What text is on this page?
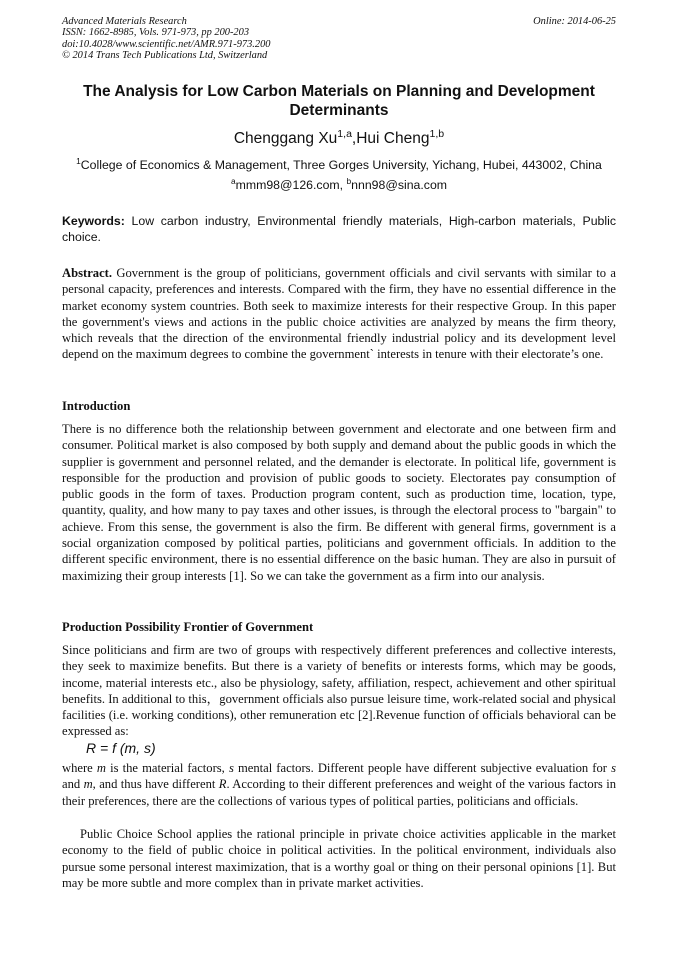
Advanced Materials Research
ISSN: 1662-8985, Vols. 971-973, pp 200-203
doi:10.4028/www.scientific.net/AMR.971-973.200
© 2014 Trans Tech Publications Ltd, Switzerland
Online: 2014-06-25
The Analysis for Low Carbon Materials on Planning and Development Determinants
Chenggang Xu$^{1,a}$,Hui Cheng$^{1,b}$
$^1$College of Economics & Management, Three Gorges University, Yichang, Hubei, 443002, China
$^a$mmm98@126.com, $^b$nnn98@sina.com
Keywords: Low carbon industry, Environmental friendly materials, High-carbon materials, Public choice.
Abstract. Government is the group of politicians, government officials and civil servants with similar to a personal capacity, preferences and interests. Compared with the firm, they have no essential difference in the market economy system countries. Both seek to maximize interests for their respective Group. In this paper the government's views and actions in the public choice activities are analyzed by means the firm theory, which reveals that the direction of the environmental friendly industrial policy and its development level depend on the maximum degrees to combine the government` interests in tenure with their electorate’s one.
Introduction
There is no difference both the relationship between government and electorate and one between firm and consumer. Political market is also composed by both supply and demand about the public goods in which the supplier is government and personnel related, and the demander is electorate. In political life, government is responsible for the production and provision of public goods to society. Electorates pay consumption of public goods in the form of taxes. Production program content, such as production time, location, type, quantity, quality, and how many to pay taxes and other issues, is through the electoral process to "bargain" to achieve. From this sense, the government is also the firm. Be different with general firms, government is a social organization composed by political parties, politicians and government officials. In addition to the different specific environment, there is no essential difference on the basic human. They are also in pursuit of maximizing their group interests [1]. So we can take the government as a firm into our analysis.
Production Possibility Frontier of Government
Since politicians and firm are two of groups with respectively different preferences and collective interests, they seek to maximize benefits. But there is a variety of benefits or interests forms, which may be goods, income, material interests etc., also be physiology, safety, affiliation, respect, achievement and other spiritual benefits. In additional to this，government officials also pursue leisure time, work-related social and physical facilities (i.e. working conditions), other remuneration etc [2].Revenue function of officials behavioral can be expressed as:
R = f (m, s)
where m is the material factors, s mental factors. Different people have different subjective evaluation for s and m, and thus have different R. According to their different preferences and weight of the various factors in their preferences, there are the collections of various types of political parties, politicians and officials.
Public Choice School applies the rational principle in private choice activities applicable in the market economy to the field of public choice in political activities. In the political environment, individuals also pursue some personal interest maximization, that is a worthy goal or thing on their personal opinions [1]. But may be more subtle and more complex than in private market activities.
